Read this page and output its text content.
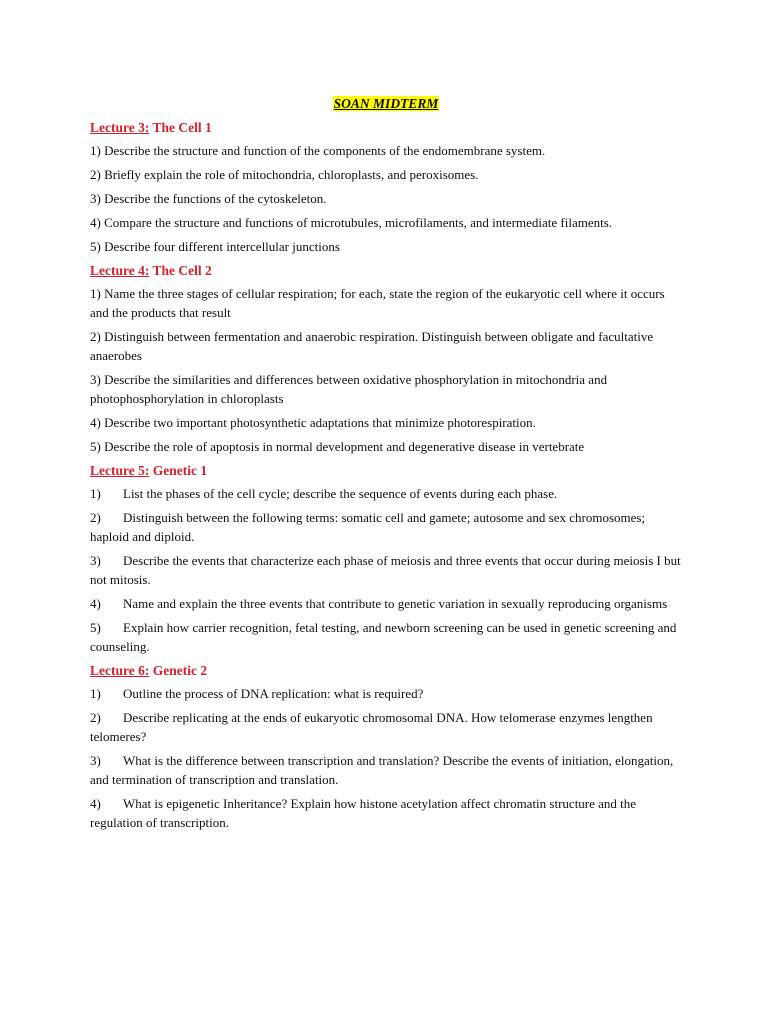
SOAN MIDTERM
Lecture 3: The Cell 1
1) Describe the structure and function of the components of the endomembrane system.
2) Briefly explain the role of mitochondria, chloroplasts, and peroxisomes.
3) Describe the functions of the cytoskeleton.
4) Compare the structure and functions of microtubules, microfilaments, and intermediate filaments.
5) Describe four different intercellular junctions
Lecture 4: The Cell 2
1) Name the three stages of cellular respiration; for each, state the region of the eukaryotic cell where it occurs and the products that result
2) Distinguish between fermentation and anaerobic respiration. Distinguish between obligate and facultative anaerobes
3) Describe the similarities and differences between oxidative phosphorylation in mitochondria and photophosphorylation in chloroplasts
4) Describe two important photosynthetic adaptations that minimize photorespiration.
5) Describe the role of apoptosis in normal development and degenerative disease in vertebrate
Lecture 5: Genetic 1
1) List the phases of the cell cycle; describe the sequence of events during each phase.
2) Distinguish between the following terms: somatic cell and gamete; autosome and sex chromosomes; haploid and diploid.
3) Describe the events that characterize each phase of meiosis and three events that occur during meiosis I but not mitosis.
4) Name and explain the three events that contribute to genetic variation in sexually reproducing organisms
5) Explain how carrier recognition, fetal testing, and newborn screening can be used in genetic screening and counseling.
Lecture 6: Genetic 2
1) Outline the process of DNA replication: what is required?
2) Describe replicating at the ends of eukaryotic chromosomal DNA. How telomerase enzymes lengthen telomeres?
3) What is the difference between transcription and translation? Describe the events of initiation, elongation, and termination of transcription and translation.
4) What is epigenetic Inheritance? Explain how histone acetylation affect chromatin structure and the regulation of transcription.
